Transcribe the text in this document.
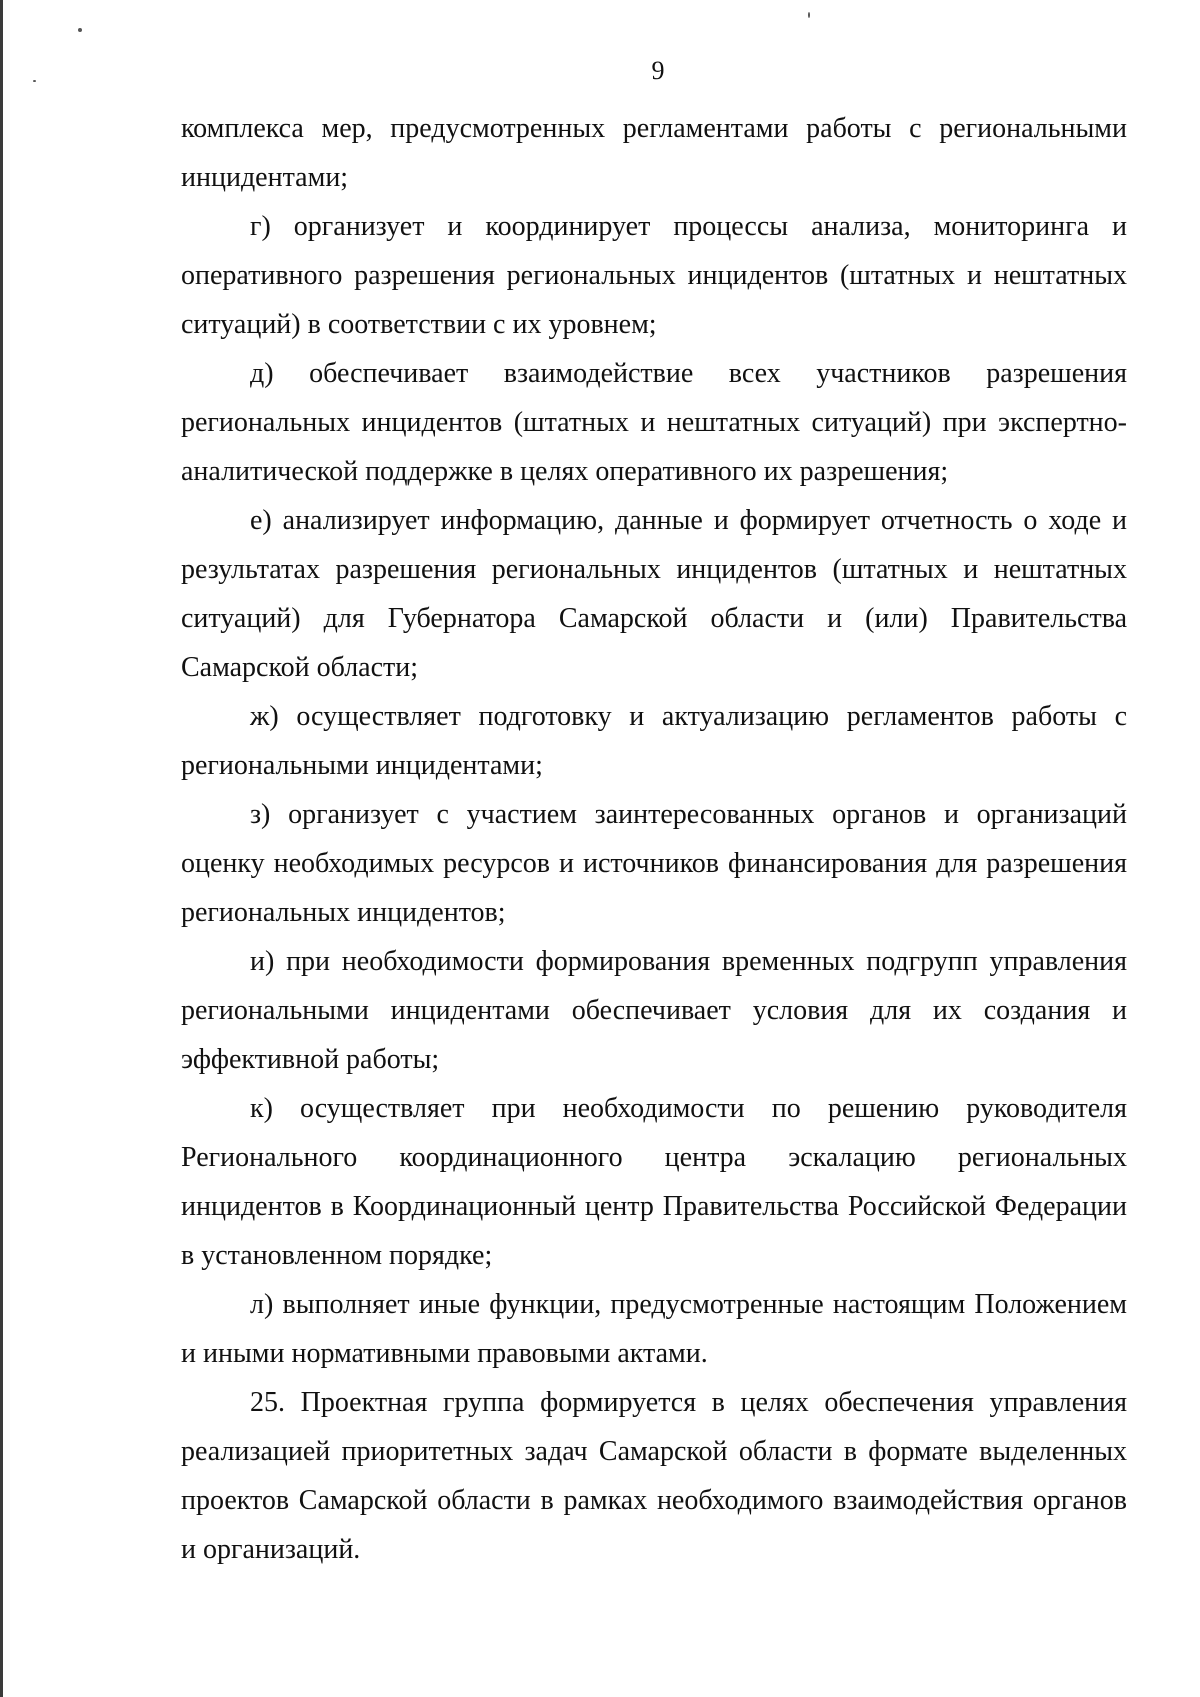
9

комплекса мер, предусмотренных регламентами работы с региональными инцидентами;

г) организует и координирует процессы анализа, мониторинга и оперативного разрешения региональных инцидентов (штатных и нештатных ситуаций) в соответствии с их уровнем;

д) обеспечивает взаимодействие всех участников разрешения региональных инцидентов (штатных и нештатных ситуаций) при экспертно-аналитической поддержке в целях оперативного их разрешения;

е) анализирует информацию, данные и формирует отчетность о ходе и результатах разрешения региональных инцидентов (штатных и нештатных ситуаций) для Губернатора Самарской области и (или) Правительства Самарской области;

ж) осуществляет подготовку и актуализацию регламентов работы с региональными инцидентами;

з) организует с участием заинтересованных органов и организаций оценку необходимых ресурсов и источников финансирования для разрешения региональных инцидентов;

и) при необходимости формирования временных подгрупп управления региональными инцидентами обеспечивает условия для их создания и эффективной работы;

к) осуществляет при необходимости по решению руководителя Регионального координационного центра эскалацию региональных инцидентов в Координационный центр Правительства Российской Федерации в установленном порядке;

л) выполняет иные функции, предусмотренные настоящим Положением и иными нормативными правовыми актами.

25. Проектная группа формируется в целях обеспечения управления реализацией приоритетных задач Самарской области в формате выделенных проектов Самарской области в рамках необходимого взаимодействия органов и организаций.
